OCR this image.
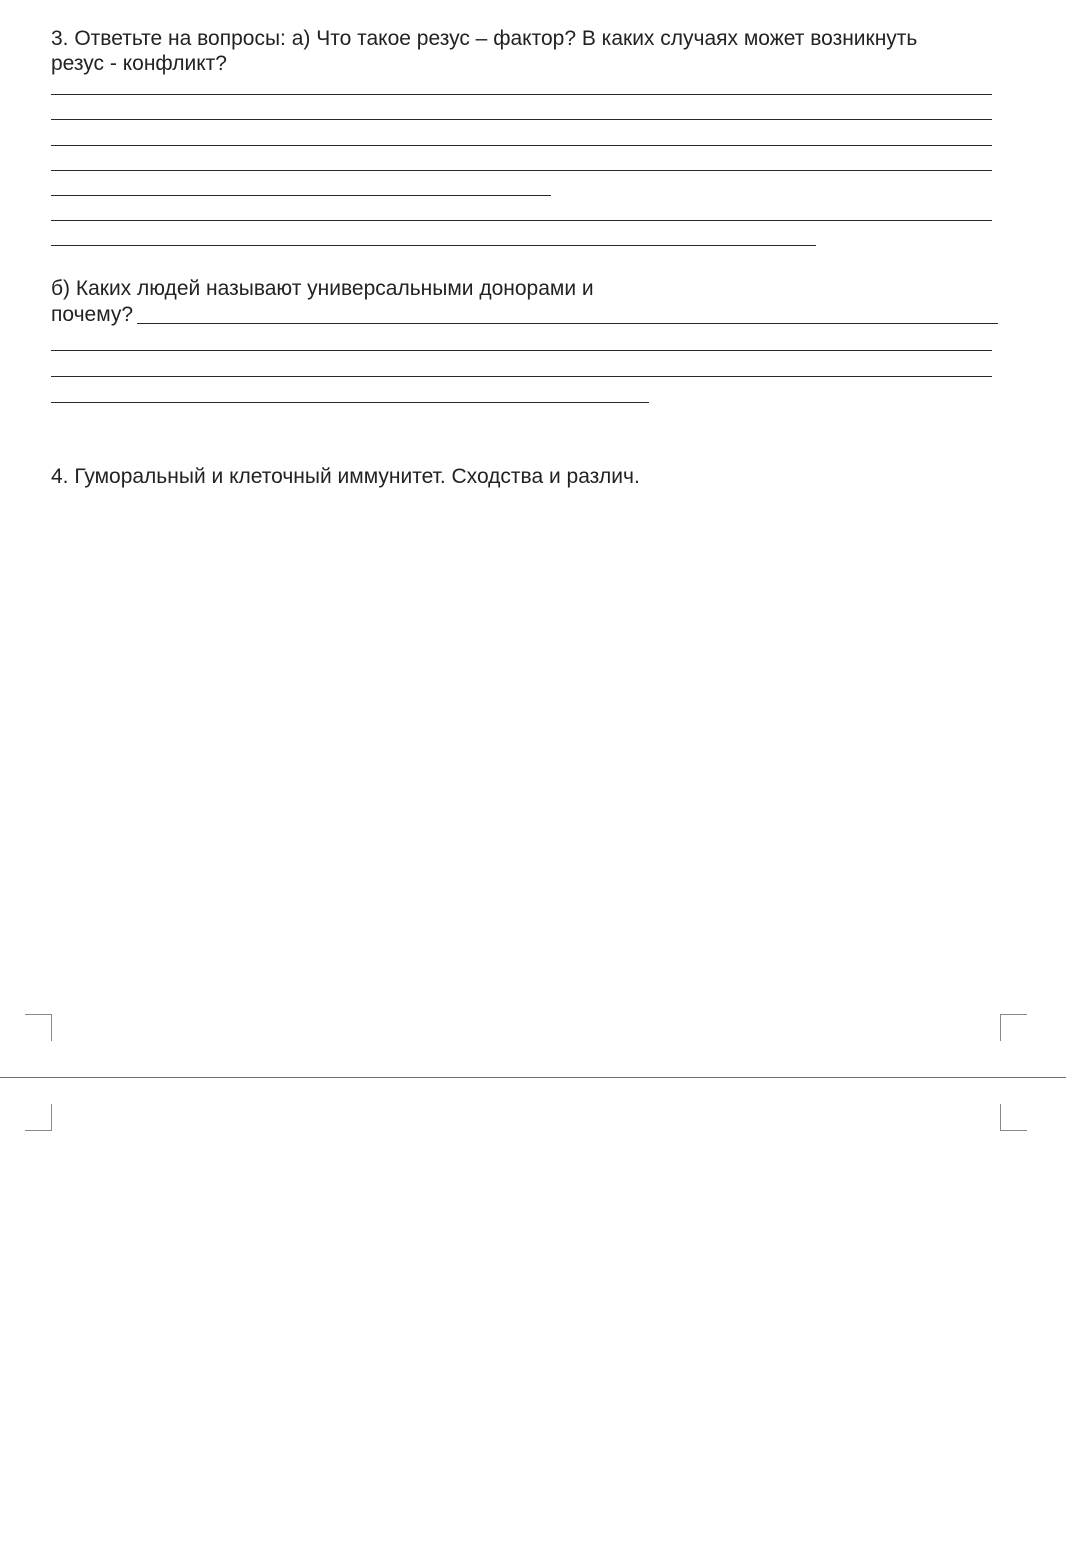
3. Ответьте на вопросы: а) Что такое резус – фактор? В каких случаях может возникнуть

резус - конфликт?

б) Каких людей называют универсальными донорами и

почему?

4. Гуморальный и клеточный иммунитет. Сходства и различ.
